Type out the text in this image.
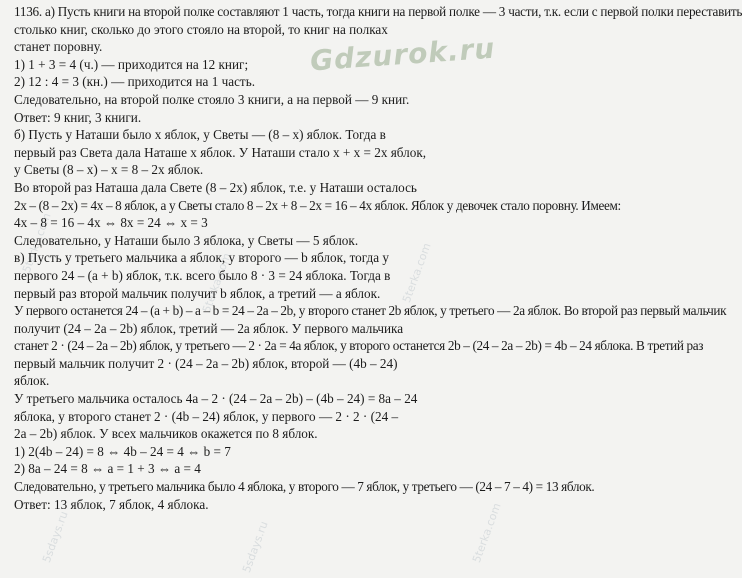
5terka.com
5sdays.ru
5terka.com
5sdays.ru
5terka.com
5terka.com
1136. а) Пусть книги на второй полке составляют 1 часть, тогда книги на первой полке — 3 части, т.к. если с первой полки переставить
столько книг, сколько до этого стояло на второй, то книг на полках
станет поровну.
1) 1 + 3 = 4 (ч.) — приходится на 12 книг;
2) 12 : 4 = 3 (кн.) — приходится на 1 часть.
Следовательно, на второй полке стояло 3 книги, а на первой — 9 книг.
Ответ: 9 книг, 3 книги.
б) Пусть у Наташи было x яблок, у Светы — (8 – x) яблок. Тогда в
первый раз Света дала Наташе x яблок. У Наташи стало x + x = 2x яблок,
у Светы (8 – x) – x = 8 – 2x яблок.
Во второй раз Наташа дала Свете (8 – 2x) яблок, т.е. у Наташи осталось
2x – (8 – 2x) = 4x – 8 яблок, а у Светы стало 8 – 2x + 8 – 2x = 16 – 4x яблок. Яблок у девочек стало поровну. Имеем:
4x – 8 = 16 – 4x ⇔ 8x = 24 ⇔ x = 3
Следовательно, у Наташи было 3 яблока, у Светы — 5 яблок.
в) Пусть у третьего мальчика a яблок, у второго — b яблок, тогда у
первого 24 – (a + b) яблок, т.к. всего было 8 · 3 = 24 яблока. Тогда в
первый раз второй мальчик получит b яблок, а третий — a яблок.
У первого останется 24 – (a + b) – a – b = 24 – 2a – 2b, у второго станет 2b яблок, у третьего — 2a яблок. Во второй раз первый мальчик
получит (24 – 2a – 2b) яблок, третий — 2a яблок. У первого мальчика
станет 2 · (24 – 2a – 2b) яблок, у третьего — 2 · 2a = 4a яблок, у второго останется 2b – (24 – 2a – 2b) = 4b – 24 яблока. В третий раз
первый мальчик получит 2 · (24 – 2a – 2b) яблок, второй — (4b – 24)
яблок.
У третьего мальчика осталось 4a – 2 · (24 – 2a – 2b) – (4b – 24) = 8a – 24
яблока, у второго станет 2 · (4b – 24) яблок, у первого — 2 · 2 · (24 –
2a – 2b) яблок. У всех мальчиков окажется по 8 яблок.
1) 2(4b – 24) = 8 ⇔ 4b – 24 = 4 ⇔ b = 7
2) 8a – 24 = 8 ⇔ a = 1 + 3 ⇔ a = 4
Следовательно, у третьего мальчика было 4 яблока, у второго — 7 яблок, у третьего — (24 – 7 – 4) = 13 яблок.
Ответ: 13 яблок, 7 яблок, 4 яблока.
Gdzurok.ru
